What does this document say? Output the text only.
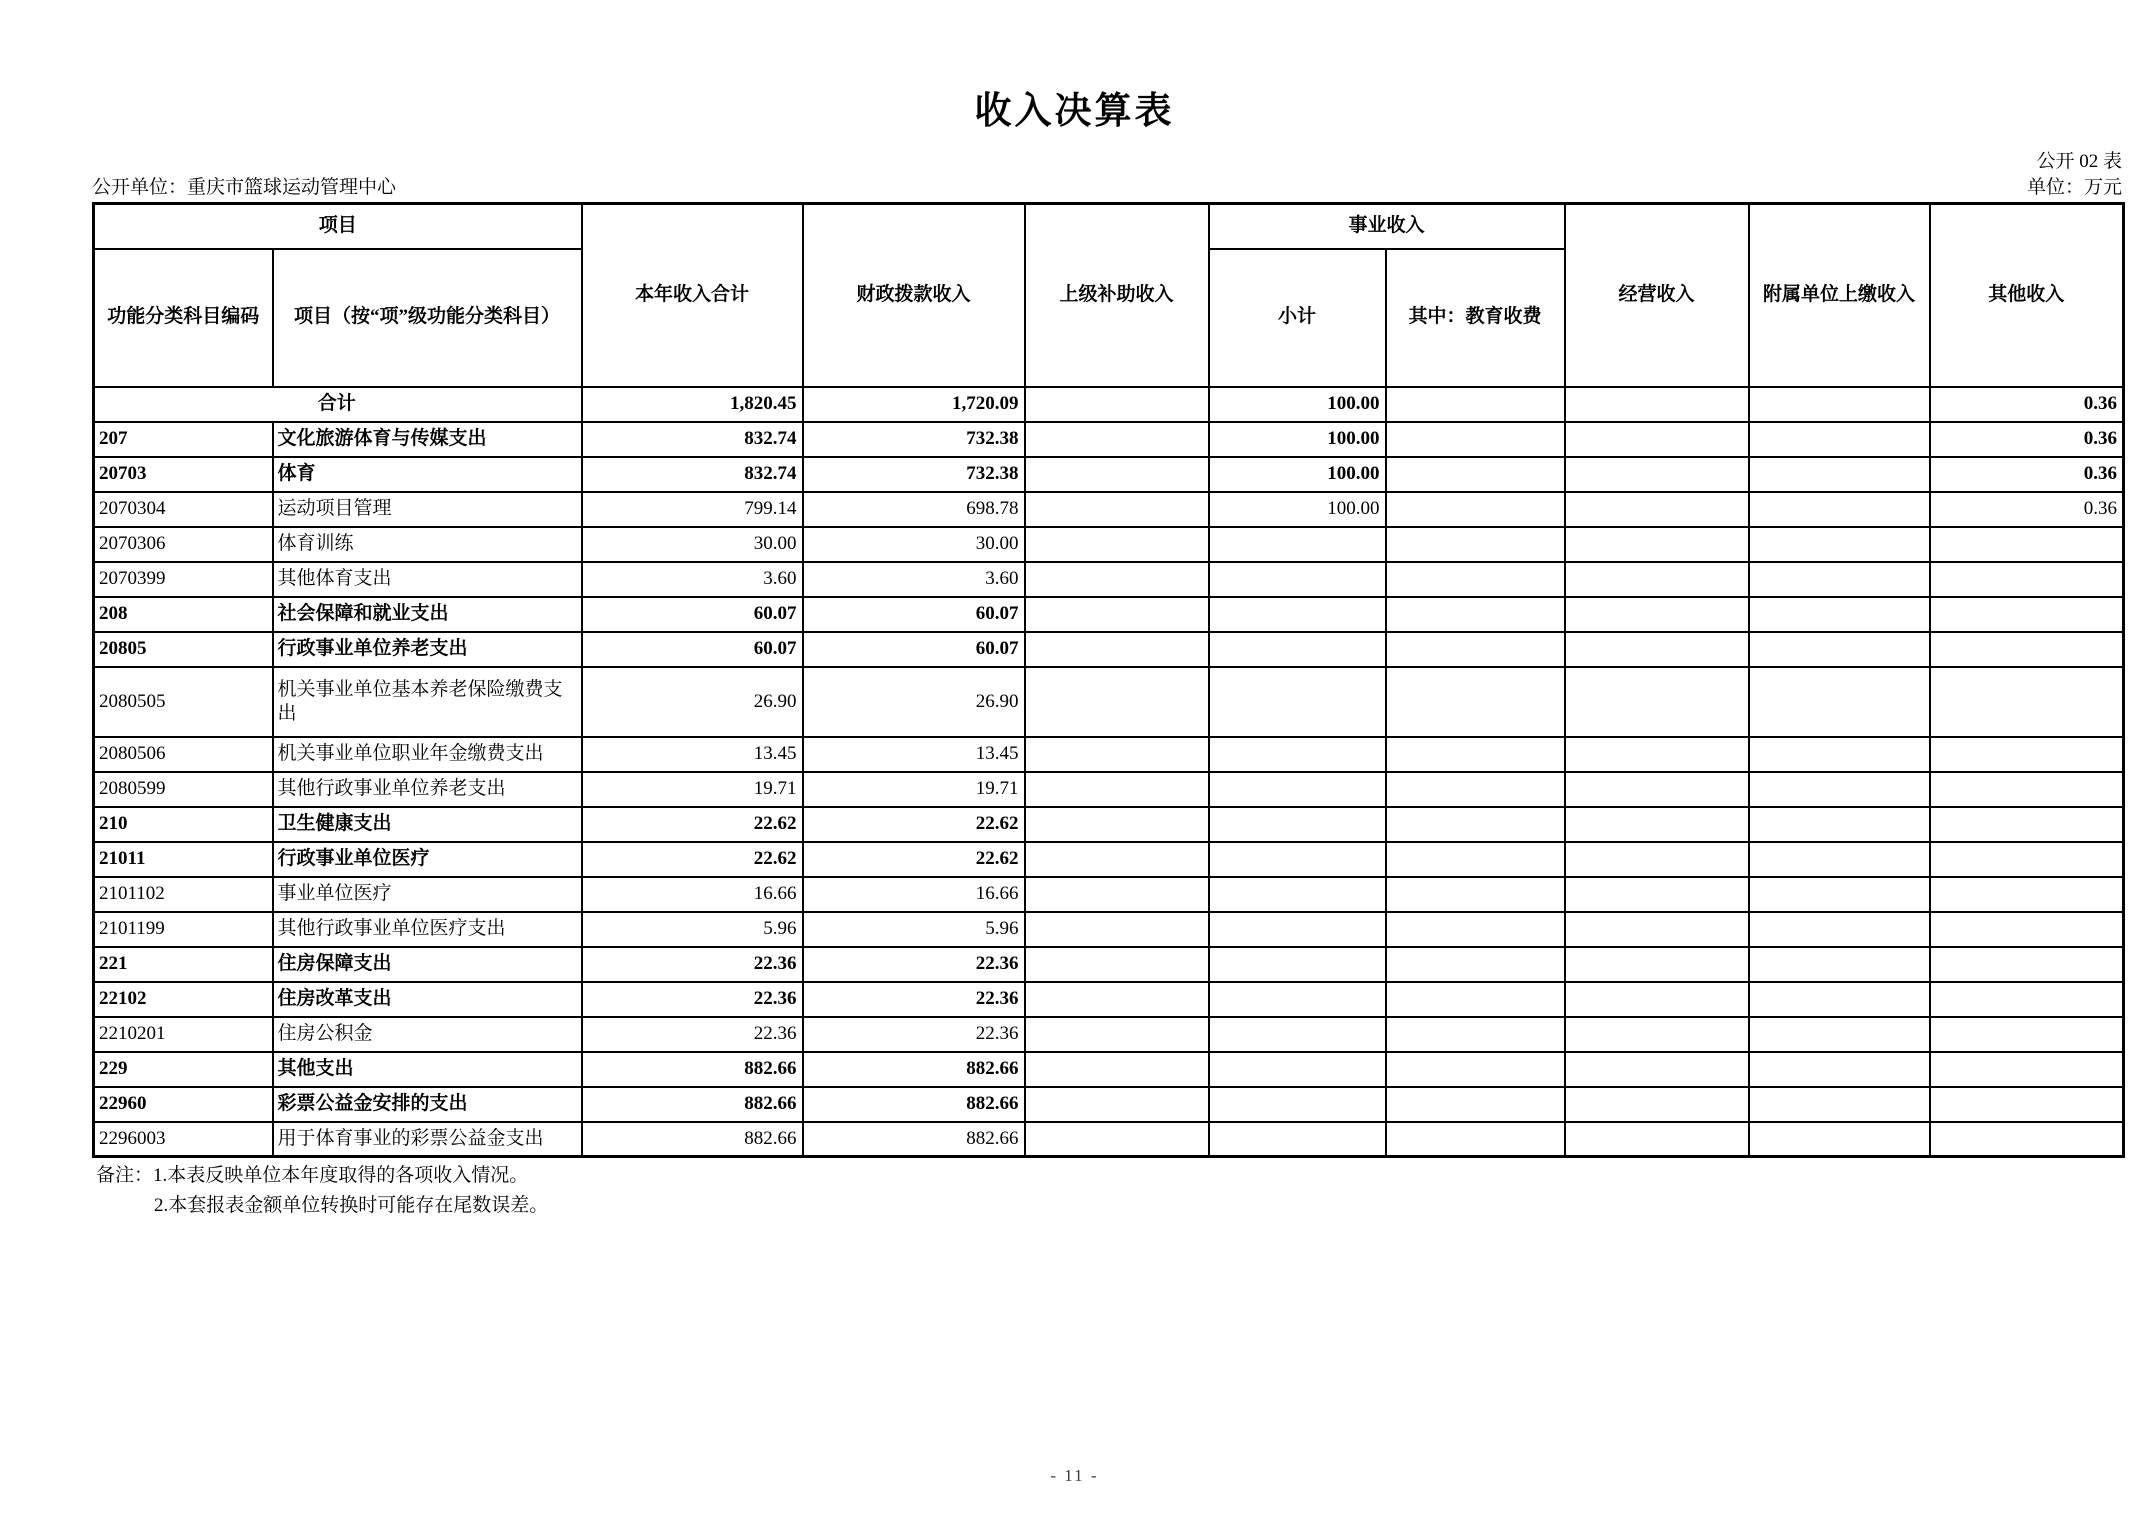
收入决算表
公开 02 表
公开单位：重庆市篮球运动管理中心	单位：万元
项目		本年收入合计	财政拨款收入	上级补助收入	事业收入		经营收入	附属单位上缴收入	其他收入
功能分类科目编码	项目（按“项”级功能分类科目）				小计	其中：教育收费			
合计		1,820.45	1,720.09		100.00				0.36
207	文化旅游体育与传媒支出	832.74	732.38		100.00				0.36
20703	体育	832.74	732.38		100.00				0.36
2070304	运动项目管理	799.14	698.78		100.00				0.36
2070306	体育训练	30.00	30.00						
2070399	其他体育支出	3.60	3.60						
208	社会保障和就业支出	60.07	60.07						
20805	行政事业单位养老支出	60.07	60.07						
2080505	机关事业单位基本养老保险缴费支出	26.90	26.90						
2080506	机关事业单位职业年金缴费支出	13.45	13.45						
2080599	其他行政事业单位养老支出	19.71	19.71						
210	卫生健康支出	22.62	22.62						
21011	行政事业单位医疗	22.62	22.62						
2101102	事业单位医疗	16.66	16.66						
2101199	其他行政事业单位医疗支出	5.96	5.96						
221	住房保障支出	22.36	22.36						
22102	住房改革支出	22.36	22.36						
2210201	住房公积金	22.36	22.36						
229	其他支出	882.66	882.66						
22960	彩票公益金安排的支出	882.66	882.66						
2296003	用于体育事业的彩票公益金支出	882.66	882.66						
备注：1.本表反映单位本年度取得的各项收入情况。
2.本套报表金额单位转换时可能存在尾数误差。
- 11 -
